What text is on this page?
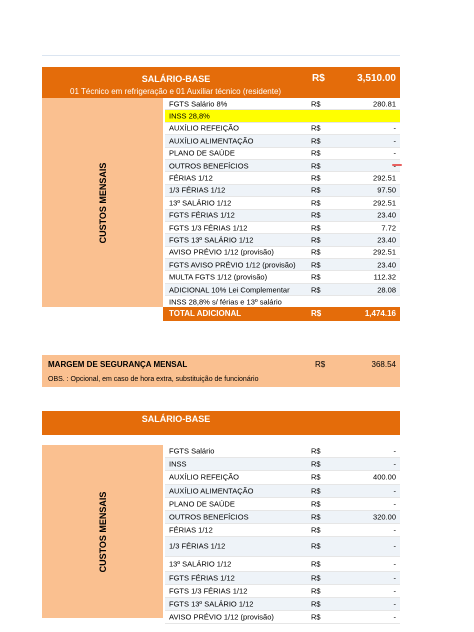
SALÁRIO-BASE	R$	3,510.00
01 Técnico em refrigeração e 01 Auxiliar técnico (residente)
CUSTOS MENSAIS
FGTS Salário 8%	R$	280.81
INSS 28,8%
AUXÍLIO REFEIÇÃO	R$	-
AUXÍLIO ALIMENTAÇÃO	R$	-
PLANO DE SAÚDE	R$	-
OUTROS BENEFÍCIOS	R$
FÉRIAS 1/12	R$	292.51
1/3 FÉRIAS 1/12	R$	97.50
13º SALÁRIO 1/12	R$	292.51
FGTS FÉRIAS 1/12	R$	23.40
FGTS 1/3 FÉRIAS 1/12	R$	7.72
FGTS 13º SALÁRIO 1/12	R$	23.40
AVISO PRÉVIO 1/12 (provisão)	R$	292.51
FGTS AVISO PRÉVIO 1/12 (provisão) R$	23.40
MULTA FGTS 1/12 (provisão)	R$	112.32
ADICIONAL 10% Lei Complementar	R$	28.08
INSS 28,8% s/ férias e 13º salário
TOTAL ADICIONAL	R$	1,474.16
MARGEM DE SEGURANÇA MENSAL	R$	368.54
OBS. : Opcional, em caso de hora extra, substituição de funcionário
SALÁRIO-BASE
CUSTOS MENSAIS
FGTS Salário	R$	-
INSS	R$	-
AUXÍLIO REFEIÇÃO	R$	400.00
AUXÍLIO ALIMENTAÇÃO	R$	-
PLANO DE SAÚDE	R$	-
OUTROS BENEFÍCIOS	R$	320.00
FÉRIAS 1/12	R$	-
1/3 FÉRIAS 1/12	R$	-
13º SALÁRIO 1/12	R$	-
FGTS FÉRIAS 1/12	R$	-
FGTS 1/3 FÉRIAS 1/12	R$	-
FGTS 13º SALÁRIO 1/12	R$	-
AVISO PRÉVIO 1/12 (provisão)	R$	-
